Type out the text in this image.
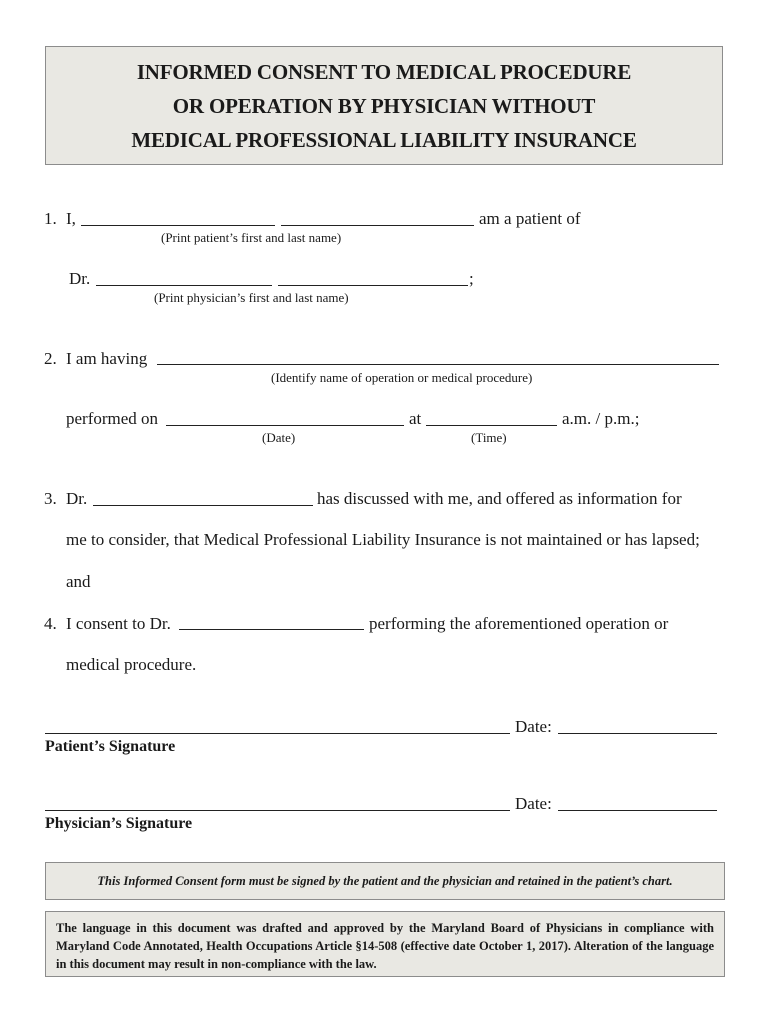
INFORMED CONSENT TO MEDICAL PROCEDURE
OR OPERATION BY PHYSICIAN WITHOUT
MEDICAL PROFESSIONAL LIABILITY INSURANCE
1. I,	am a patient of
(Print patient’s first and last name)
Dr.	;
(Print physician’s first and last name)
2. I am having
(Identify name of operation or medical procedure)
performed on	at	a.m. / p.m.;
(Date)	(Time)
3. Dr.	has discussed with me, and offered as information for
me to consider, that Medical Professional Liability Insurance is not maintained or has lapsed;
and
4. I consent to Dr.	performing the aforementioned operation or
medical procedure.
Date:
Patient’s Signature
Date:
Physician’s Signature
This Informed Consent form must be signed by the patient and the physician and retained in the patient’s chart.
The language in this document was drafted and approved by the Maryland Board of Physicians in compliance with Maryland Code Annotated, Health Occupations Article §14-508 (effective date October 1, 2017). Alteration of the language in this document may result in non-compliance with the law.
